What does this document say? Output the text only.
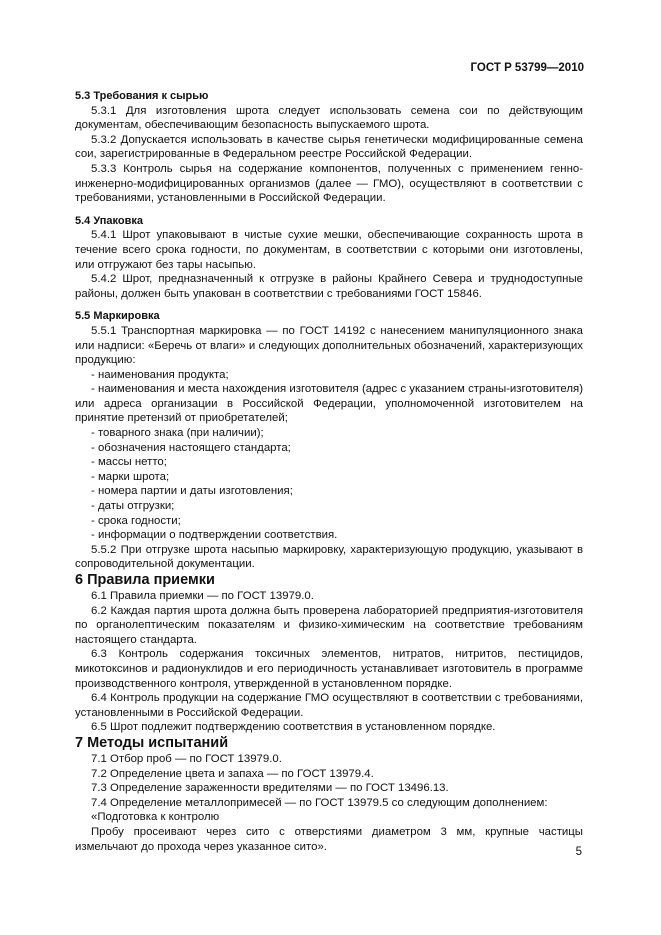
ГОСТ Р 53799—2010

5.3 Требования к сырью

5.3.1 Для изготовления шрота следует использовать семена сои по действующим документам, обеспечивающим безопасность выпускаемого шрота.

5.3.2 Допускается использовать в качестве сырья генетически модифицированные семена сои, зарегистрированные в Федеральном реестре Российской Федерации.

5.3.3 Контроль сырья на содержание компонентов, полученных с применением генно-инженерно-модифицированных организмов (далее — ГМО), осуществляют в соответствии с требованиями, установленными в Российской Федерации.

5.4 Упаковка

5.4.1 Шрот упаковывают в чистые сухие мешки, обеспечивающие сохранность шрота в течение всего срока годности, по документам, в соответствии с которыми они изготовлены, или отгружают без тары насыпью.

5.4.2 Шрот, предназначенный к отгрузке в районы Крайнего Севера и труднодоступные районы, должен быть упакован в соответствии с требованиями ГОСТ 15846.

5.5 Маркировка

5.5.1 Транспортная маркировка — по ГОСТ 14192 с нанесением манипуляционного знака или надписи: «Беречь от влаги» и следующих дополнительных обозначений, характеризующих продукцию:

- наименования продукта;

- наименования и места нахождения изготовителя (адрес с указанием страны-изготовителя) или адреса организации в Российской Федерации, уполномоченной изготовителем на принятие претензий от приобретателей;

- товарного знака (при наличии);

- обозначения настоящего стандарта;

- массы нетто;

- марки шрота;

- номера партии и даты изготовления;

- даты отгрузки;

- срока годности;

- информации о подтверждении соответствия.

5.5.2 При отгрузке шрота насыпью маркировку, характеризующую продукцию, указывают в сопроводительной документации.

6 Правила приемки

6.1 Правила приемки — по ГОСТ 13979.0.

6.2 Каждая партия шрота должна быть проверена лабораторией предприятия-изготовителя по органолептическим показателям и физико-химическим на соответствие требованиям настоящего стандарта.

6.3 Контроль содержания токсичных элементов, нитратов, нитритов, пестицидов, микотоксинов и радионуклидов и его периодичность устанавливает изготовитель в программе производственного контроля, утвержденной в установленном порядке.

6.4 Контроль продукции на содержание ГМО осуществляют в соответствии с требованиями, установленными в Российской Федерации.

6.5 Шрот подлежит подтверждению соответствия в установленном порядке.

7 Методы испытаний

7.1 Отбор проб — по ГОСТ 13979.0.

7.2 Определение цвета и запаха — по ГОСТ 13979.4.

7.3 Определение зараженности вредителями — по ГОСТ 13496.13.

7.4 Определение металлопримесей — по ГОСТ 13979.5 со следующим дополнением:

«Подготовка к контролю

Пробу просеивают через сито с отверстиями диаметром 3 мм, крупные частицы измельчают до прохода через указанное сито».	5
